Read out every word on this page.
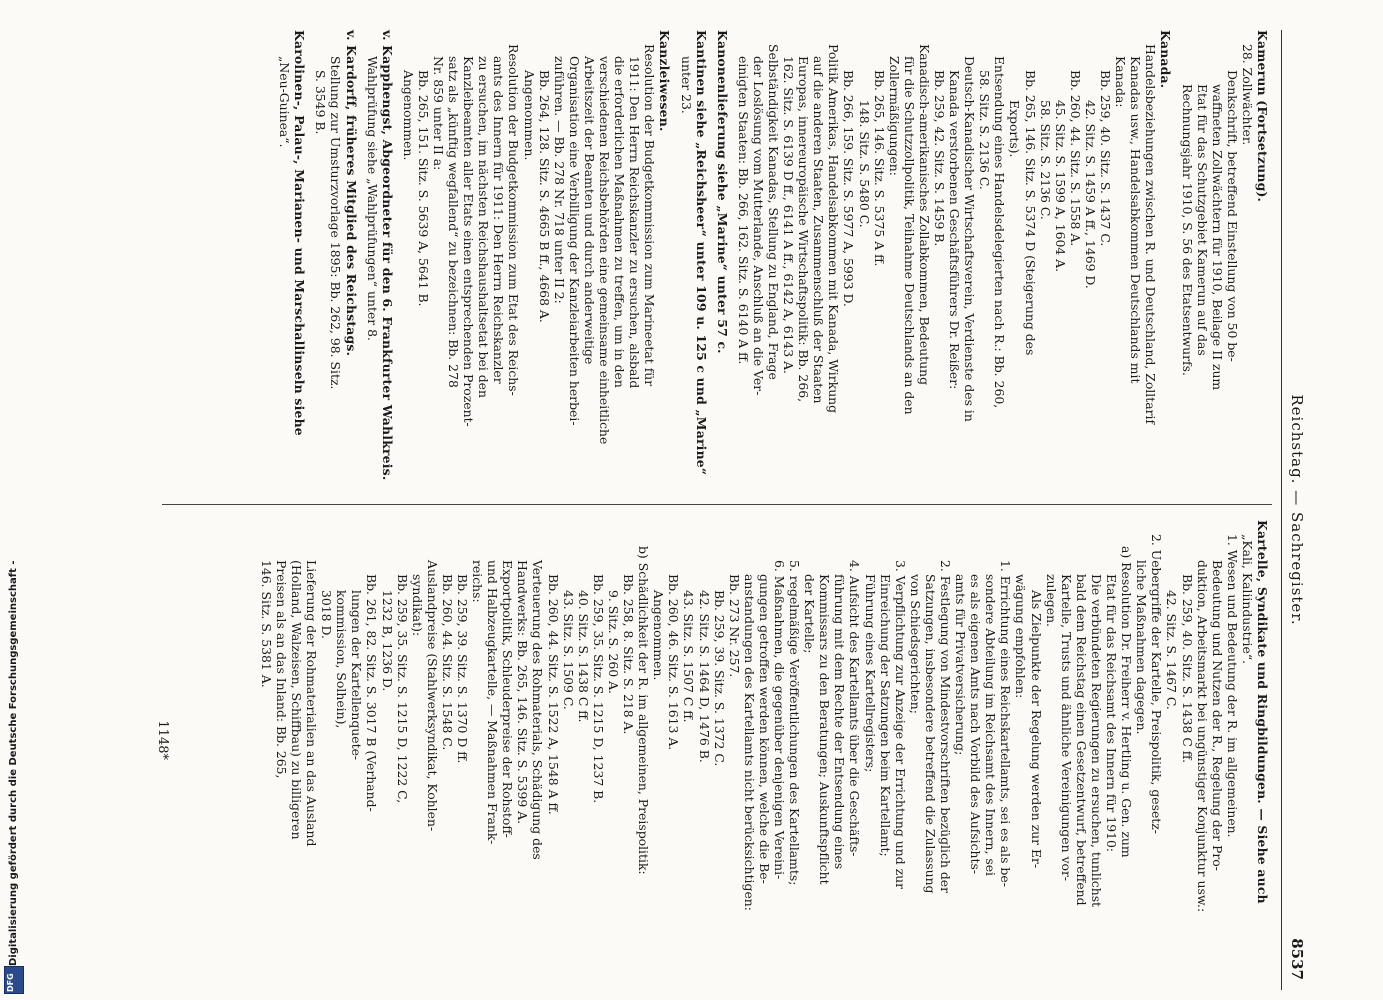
Reichstag. — Sachregister.
8537

Kamerun (Fortsetzung).

28. Zollwächter.

Denkschrift, betreffend Einstellung von 50 be-

waffneten Zollwächtern für 1910, Beilage II zum

Etat für das Schutzgebiet Kamerun auf das

Rechnungsjahr 1910, S. 56 des Etatsentwurfs.

Kanada.

Handelsbeziehungen zwischen R. und Deutschland, Zolltarif

Kanadas usw., Handelsabkommen Deutschlands mit

Kanada:

Bb. 259, 40. Sitz. S. 1437 C.

42. Sitz. S. 1459 A ff., 1469 D.

Bb. 260, 44. Sitz. S. 1558 A.

45. Sitz. S. 1599 A, 1604 A.

58. Sitz. S. 2136 C.

Bb. 265, 146. Sitz. S. 5374 D (Steigerung des

Exports).

Entsendung eines Handelsdelegierten nach R.: Bb. 260,

58. Sitz. S. 2136 C.

Deutsch-Kanadischer Wirtschaftsverein, Verdienste des in

Kanada verstorbenen Geschäftsführers Dr. Reißer:

Bb. 259, 42. Sitz. S. 1459 B.

Kanadisch-amerikanisches Zollabkommen, Bedeutung

für die Schutzzollpolitik, Teilnahme Deutschlands an den

Zollermäßigungen:

Bb. 265, 146. Sitz. S. 5375 A ff.

148. Sitz. S. 5480 C.

Bb. 266, 159. Sitz. S. 5977 A, 5993 D.

Politik Amerikas, Handelsabkommen mit Kanada, Wirkung

auf die anderen Staaten, Zusammenschluß der Staaten

Europas, innereuropäische Wirtschaftspolitik: Bb. 266,

162. Sitz. S. 6139 D ff., 6141 A ff., 6142 A, 6143 A.

Selbständigkeit Kanadas, Stellung zu England, Frage

der Loslösung vom Mutterlande, Anschluß an die Ver-

einigten Staaten: Bb. 266, 162. Sitz. S. 6140 A ff.

Kanonenlieferung siehe „Marine“ unter 57 c.

Kantinen siehe „Reichsheer“ unter 109 u. 125 c und „Marine“

unter 23.

Kanzleiwesen.

Resolution der Budgetkommission zum Marineetat für

1911: Den Herrn Reichskanzler zu ersuchen, alsbald

die erforderlichen Maßnahmen zu treffen, um in den

verschiedenen Reichsbehörden eine gemeinsame einheitliche

Arbeitszeit der Beamten und durch anderweitige

Organisation eine Verbilligung der Kanzleiarbeiten herbei-

zuführen. — Bb. 278 Nr. 718 unter II 2:

Bb. 264, 128. Sitz. S. 4665 B ff., 4668 A.

Angenommen.

Resolution der Budgetkommission zum Etat des Reichs-

amts des Innern für 1911: Den Herrn Reichskanzler

zu ersuchen, im nächsten Reichshaushaltsetat bei den

Kanzleibeamten aller Etats einen entsprechenden Prozent-

satz als „künftig wegfallend“ zu bezeichnen: Bb. 278

Nr. 859 unter II a:

Bb. 265, 151. Sitz. S. 5639 A, 5641 B.

Angenommen.

v. Kapphengst, Abgeordneter für den 6. Frankfurter Wahlkreis.

Wahlprüfung siehe „Wahlprüfungen“ unter 8.

v. Kardorff, früheres Mitglied des Reichstags.

Stellung zur Umsturzvorlage 1895: Bb. 262, 98. Sitz.

S. 3549 B.

Karolinen-, Palau-, Marianen- und Marschallinseln siehe

„Neu-Guinea“.

Kartelle, Syndikate und Ringbildungen. — Siehe auch

„Kali, Kaliindustrie“.

1. Wesen und Bedeutung der R. im allgemeinen.

Bedeutung und Nutzen der R., Regelung der Pro-

duktion, Arbeitsmarkt bei ungünstiger Konjunktur usw.:

Bb. 259, 40. Sitz. S. 1438 C ff.

42. Sitz. S. 1467 C.

2. Uebergriffe der Kartelle, Preispolitik, gesetz-

liche Maßnahmen dagegen.

a) Resolution Dr. Freiherr v. Hertling u. Gen. zum

Etat für das Reichsamt des Innern für 1910:

Die verbündeten Regierungen zu ersuchen, tunlichst

bald dem Reichstag einen Gesetzentwurf, betreffend

Kartelle, Trusts und ähnliche Vereinigungen vor-

zulegen.

Als Zielpunkte der Regelung werden zur Er-

wägung empfohlen:

1. Errichtung eines Reichskartellamts, sei es als be-

sondere Abteilung im Reichsamt des Innern, sei

es als eigenen Amts nach Vorbild des Aufsichts-

amts für Privatversicherung;

2. Festlegung von Mindestvorschriften bezüglich der

Satzungen, insbesondere betreffend die Zulassung

von Schiedsgerichten;

3. Verpflichtung zur Anzeige der Errichtung und zur

Einreichung der Satzungen beim Kartellamt;

Führung eines Kartellregisters;

4. Aufsicht des Kartellamts über die Geschäfts-

führung mit dem Rechte der Entsendung eines

Kommissars zu den Beratungen; Auskunftspflicht

der Kartelle;

5. regelmäßige Veröffentlichungen des Kartellamts;

6. Maßnahmen, die gegenüber denjenigen Vereini-

gungen getroffen werden können, welche die Be-

anstandungen des Kartellamts nicht berücksichtigen:

Bb. 273 Nr. 257.

Bb. 259, 39. Sitz. S. 1372 C.

42. Sitz. S. 1464 D, 1476 B.

43. Sitz. S. 1507 C ff.

Bb. 260, 46. Sitz. S. 1613 A.

Angenommen.

b) Schädlichkeit der R. im allgemeinen, Preispolitik:

Bb. 258, 8. Sitz. S. 218 A.

9. Sitz. S. 260 A.

Bb. 259, 35. Sitz. S. 1215 D, 1237 B.

40. Sitz. S. 1438 C ff.

43. Sitz. S. 1509 C.

Bb. 260, 44. Sitz. S. 1522 A, 1548 A ff.

Verteuerung des Rohmaterials, Schädigung des

Handwerks: Bb. 265, 146. Sitz. S. 5399 A.

Exportpolitik, Schleuderpreise der Rohstoff-

und Halbzeugkartelle, — Maßnahmen Frank-

reichs:

Bb. 259, 39. Sitz. S. 1370 D ff.

Bb. 260, 44. Sitz. S. 1548 C.

Auslandpreise (Stahlwerksyndikat, Kohlen-

syndikat):

Bb. 259, 35. Sitz. S. 1215 D, 1222 C,

1232 B, 1236 D.

Bb. 261, 82. Sitz. S. 3017 B (Verhand-

lungen der Kartellenquete-

kommission, Solhein),

3018 D.

Lieferung der Rohmaterialien an das Ausland

(Holland, Walzeisen, Schiffbau) zu billigeren

Preisen als an das Inland: Bb. 265,

146. Sitz. S. 5381 A.

1148*
Digitalisierung gefördert durch die Deutsche Forschungsgemeinschaft -
DFG
